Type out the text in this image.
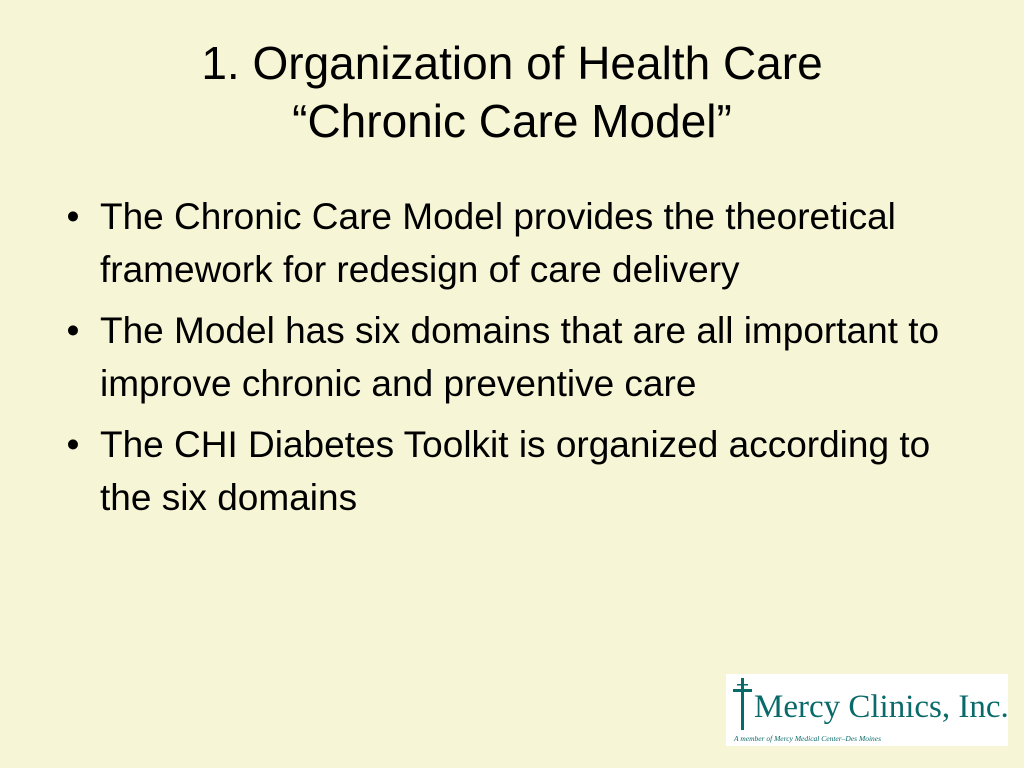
1. Organization of Health Care
“Chronic Care Model”
• The Chronic Care Model provides the theoretical framework for redesign of care delivery
• The Model has six domains that are all important to improve chronic and preventive care
• The CHI Diabetes Toolkit is organized according to the six domains
Mercy Clinics, Inc.
A member of Mercy Medical Center–Des Moines
